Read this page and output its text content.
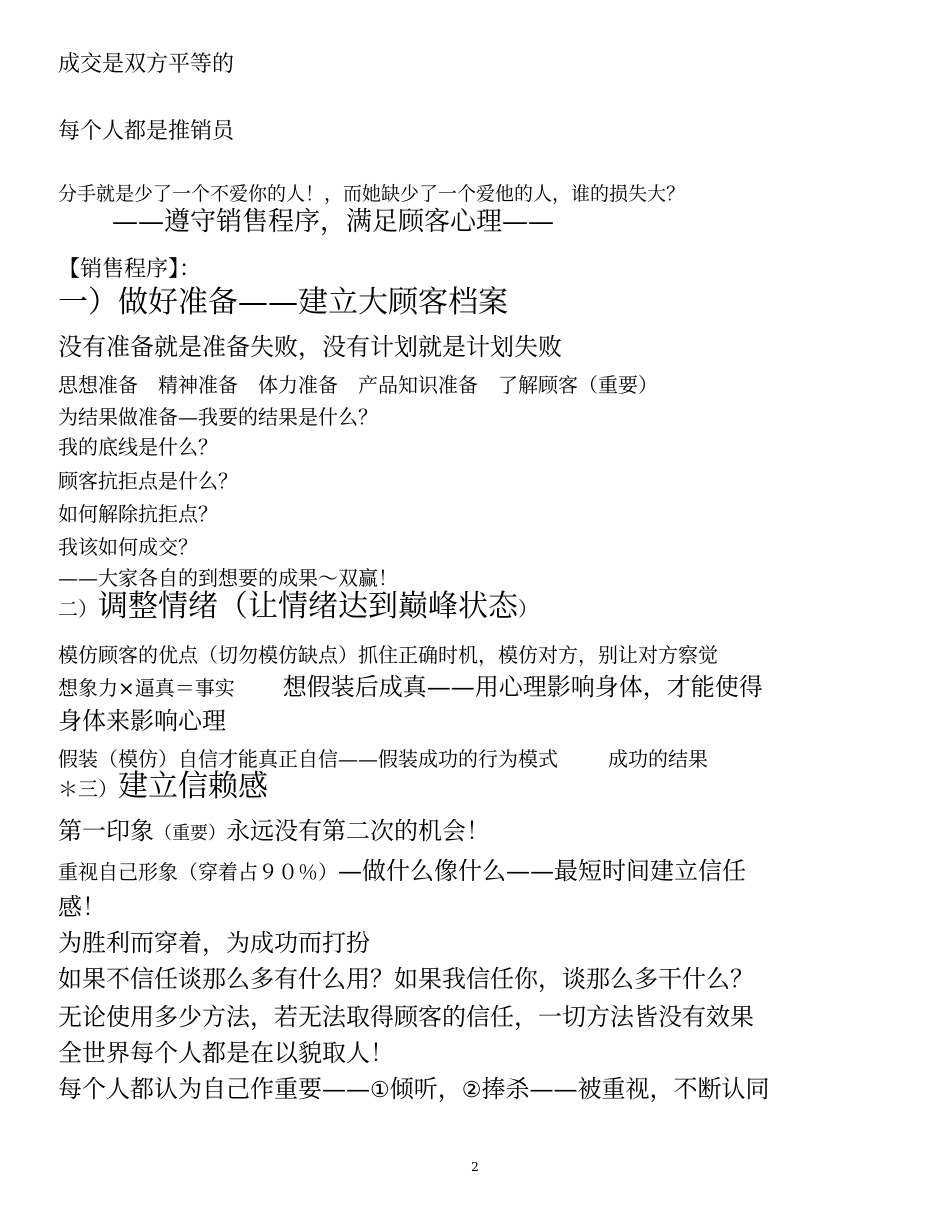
成交是双方平等的
每个人都是推销员
分手就是少了一个不爱你的人！，而她缺少了一个爱他的人，谁的损失大？
——遵守销售程序，满足顾客心理——
【销售程序】：
一）做好准备——建立大顾客档案
没有准备就是准备失败，没有计划就是计划失败
思想准备　精神准备　体力准备　产品知识准备　了解顾客（重要）
为结果做准备—我要的结果是什么？
我的底线是什么？
顾客抗拒点是什么？
如何解除抗拒点？
我该如何成交？
——大家各自的到想要的成果～双赢！
二）调整情绪（让情绪达到巅峰状态）
模仿顾客的优点（切勿模仿缺点）抓住正确时机，模仿对方，别让对方察觉
想象力×逼真＝事实 想假装后成真——用心理影响身体，才能使得
身体来影响心理
假装（模仿）自信才能真正自信——假装成功的行为模式	成功的结果
＊三）建立信赖感
第一印象（重要）永远没有第二次的机会！
重视自己形象（穿着占９０％）—做什么像什么——最短时间建立信任
感！
为胜利而穿着，为成功而打扮
如果不信任谈那么多有什么用？如果我信任你，谈那么多干什么？
无论使用多少方法，若无法取得顾客的信任，一切方法皆没有效果
全世界每个人都是在以貌取人！
每个人都认为自己作重要——①倾听，②捧杀——被重视，不断认同
2
